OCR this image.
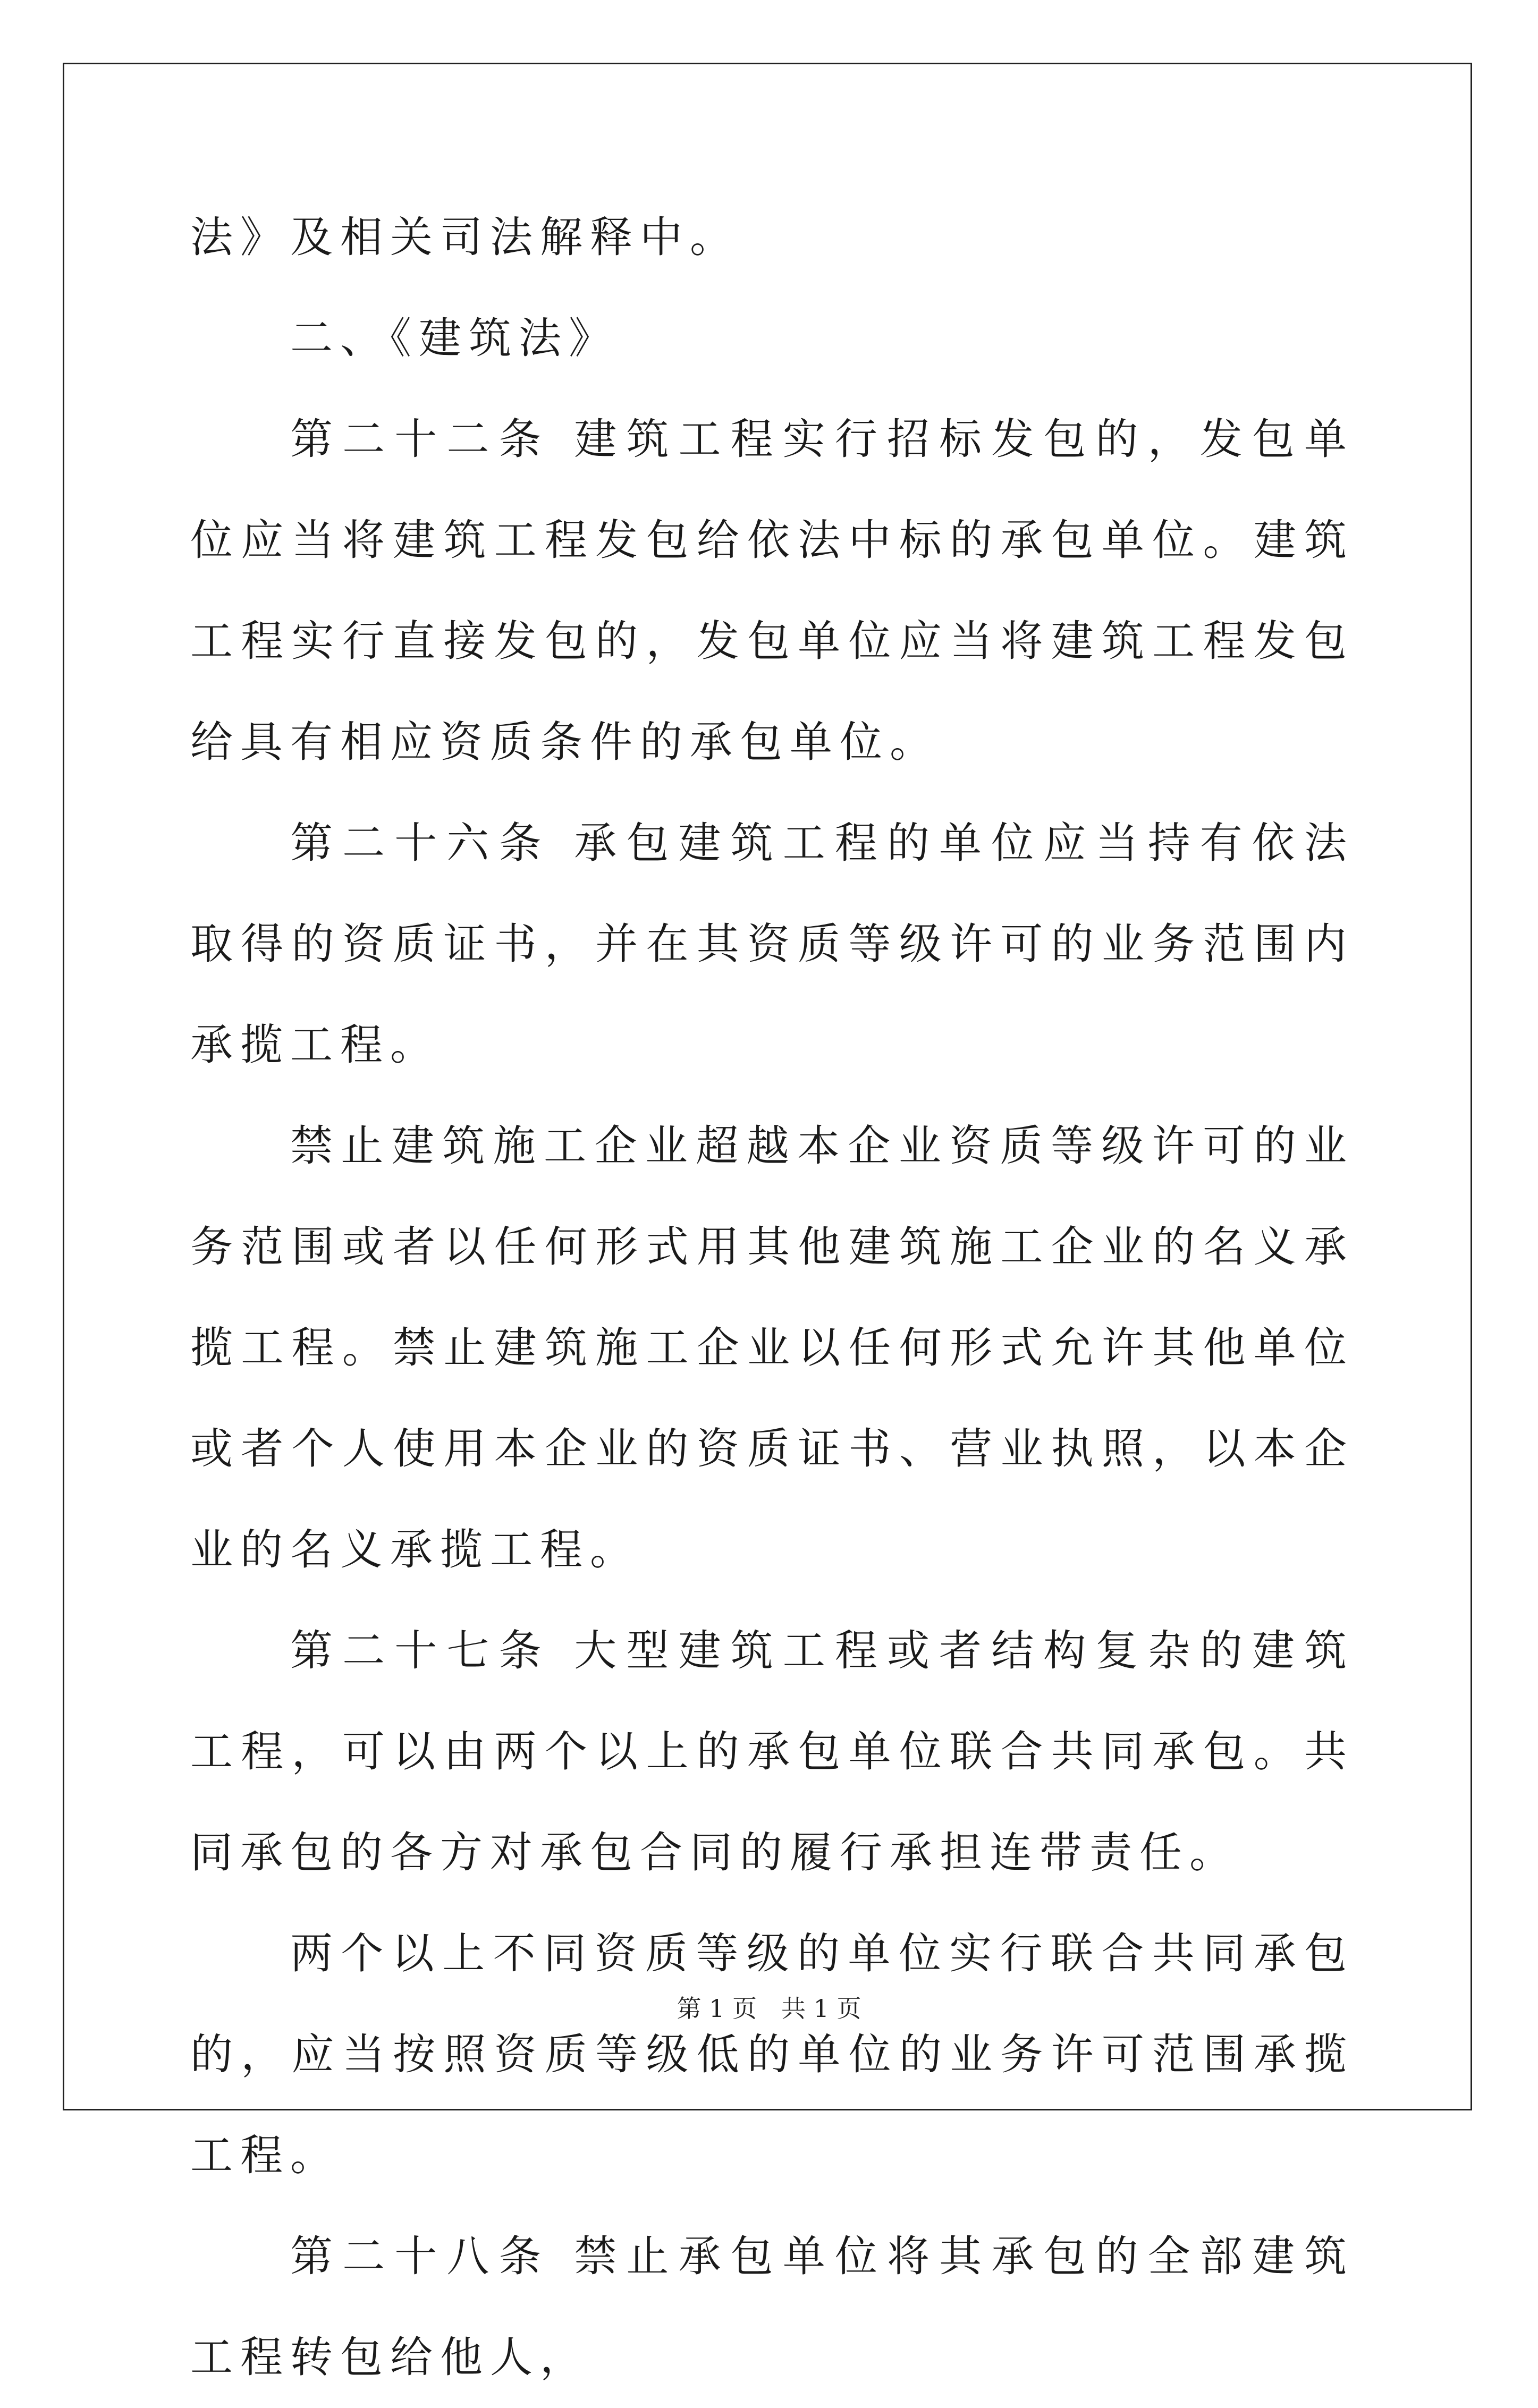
法》及相关司法解释中。

二、《建筑法》

第二十二条 建筑工程实行招标发包的，发包单位应当将建筑工程发包给依法中标的承包单位。建筑工程实行直接发包的，发包单位应当将建筑工程发包给具有相应资质条件的承包单位。

第二十六条 承包建筑工程的单位应当持有依法取得的资质证书，并在其资质等级许可的业务范围内承揽工程。

禁止建筑施工企业超越本企业资质等级许可的业务范围或者以任何形式用其他建筑施工企业的名义承揽工程。禁止建筑施工企业以任何形式允许其他单位或者个人使用本企业的资质证书、营业执照，以本企业的名义承揽工程。

第二十七条 大型建筑工程或者结构复杂的建筑工程，可以由两个以上的承包单位联合共同承包。共同承包的各方对承包合同的履行承担连带责任。

两个以上不同资质等级的单位实行联合共同承包的，应当按照资质等级低的单位的业务许可范围承揽工程。

第二十八条 禁止承包单位将其承包的全部建筑工程转包给他人，

第 1 页　共 1 页
